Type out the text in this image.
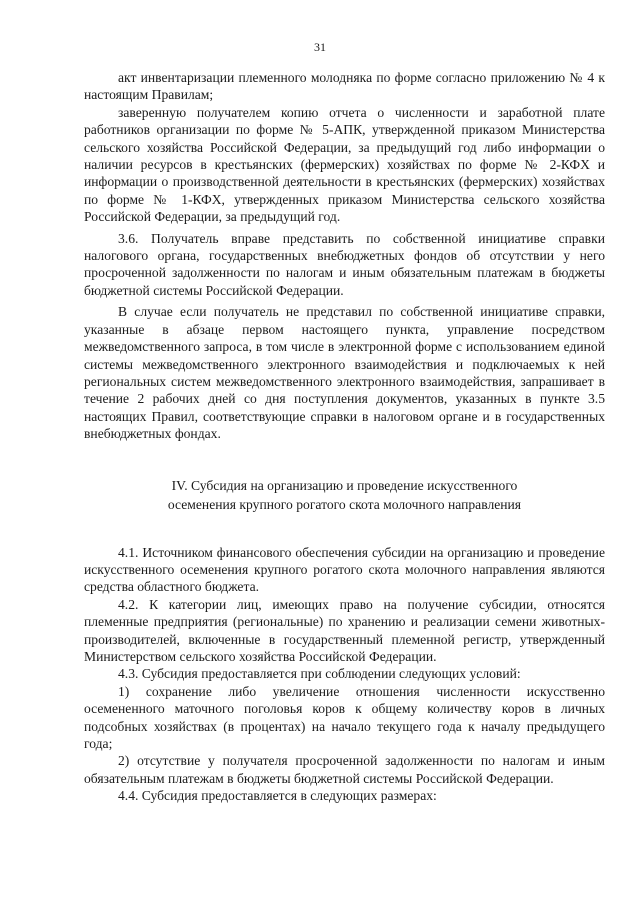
31

акт инвентаризации племенного молодняка по форме согласно приложению № 4 к настоящим Правилам;

заверенную получателем копию отчета о численности и заработной плате работников организации по форме № 5-АПК, утвержденной приказом Министерства сельского хозяйства Российской Федерации, за предыдущий год либо информации о наличии ресурсов в крестьянских (фермерских) хозяйствах по форме № 2-КФХ и информации о производственной деятельности в крестьянских (фермерских) хозяйствах по форме № 1-КФХ, утвержденных приказом Министерства сельского хозяйства Российской Федерации, за предыдущий год.

3.6. Получатель вправе представить по собственной инициативе справки налогового органа, государственных внебюджетных фондов об отсутствии у него просроченной задолженности по налогам и иным обязательным платежам в бюджеты бюджетной системы Российской Федерации.

В случае если получатель не представил по собственной инициативе справки, указанные в абзаце первом настоящего пункта, управление посредством межведомственного запроса, в том числе в электронной форме с использованием единой системы межведомственного электронного взаимодействия и подключаемых к ней региональных систем межведомственного электронного взаимодействия, запрашивает в течение 2 рабочих дней со дня поступления документов, указанных в пункте 3.5 настоящих Правил, соответствующие справки в налоговом органе и в государственных внебюджетных фондах.

IV. Субсидия на организацию и проведение искусственного

осеменения крупного рогатого скота молочного направления

4.1. Источником финансового обеспечения субсидии на организацию и проведение искусственного осеменения крупного рогатого скота молочного направления являются средства областного бюджета.

4.2. К категории лиц, имеющих право на получение субсидии, относятся племенные предприятия (региональные) по хранению и реализации семени животных-производителей, включенные в государственный племенной регистр, утвержденный Министерством сельского хозяйства Российской Федерации.

4.3. Субсидия предоставляется при соблюдении следующих условий:

1) сохранение либо увеличение отношения численности искусственно осемененного маточного поголовья коров к общему количеству коров в личных подсобных хозяйствах (в процентах) на начало текущего года к началу предыдущего года;

2) отсутствие у получателя просроченной задолженности по налогам и иным обязательным платежам в бюджеты бюджетной системы Российской Федерации.

4.4. Субсидия предоставляется в следующих размерах:
